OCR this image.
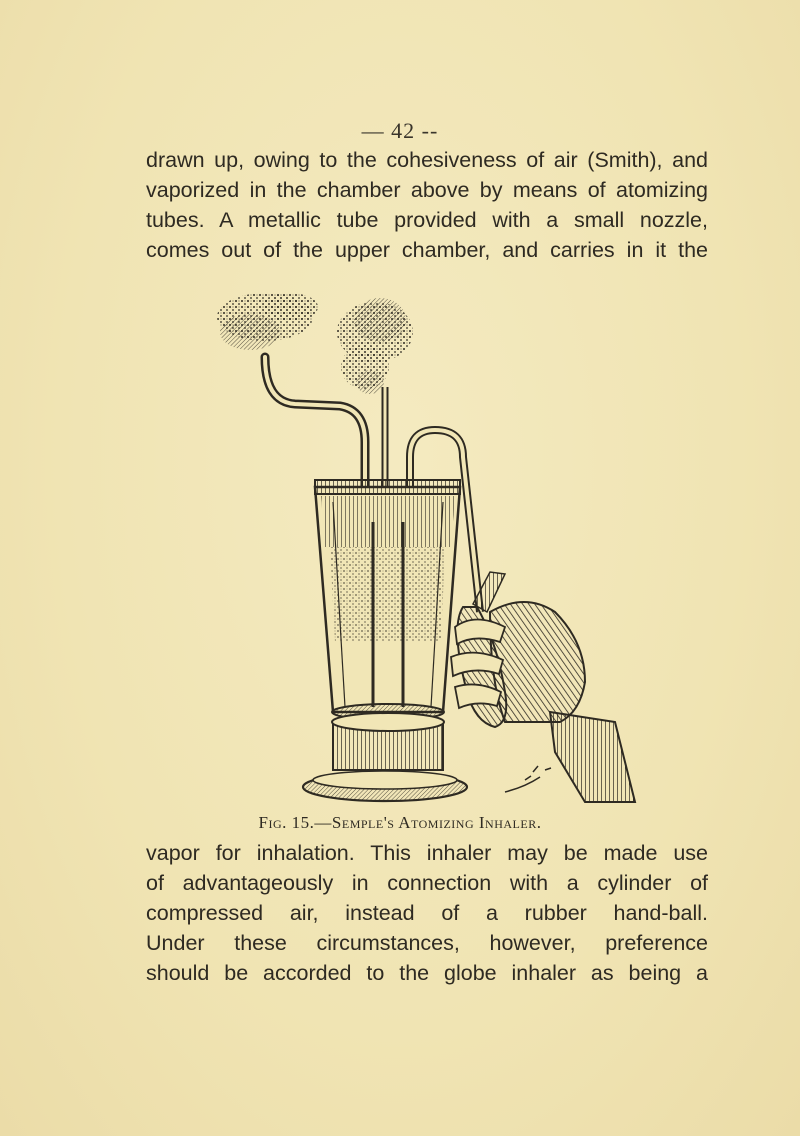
— 42 --

drawn up, owing to the cohesiveness of air (Smith), and
vaporized in the chamber above by means of atomizing
tubes. A metallic tube provided with a small nozzle,
comes out of the upper chamber, and carries in it the

Fig. 15.—Semple's Atomizing Inhaler.

vapor for inhalation. This inhaler may be made use
of advantageously in connection with a cylinder of
compressed air, instead of a rubber hand-ball.
Under these circumstances, however, preference
should be accorded to the globe inhaler as being a
